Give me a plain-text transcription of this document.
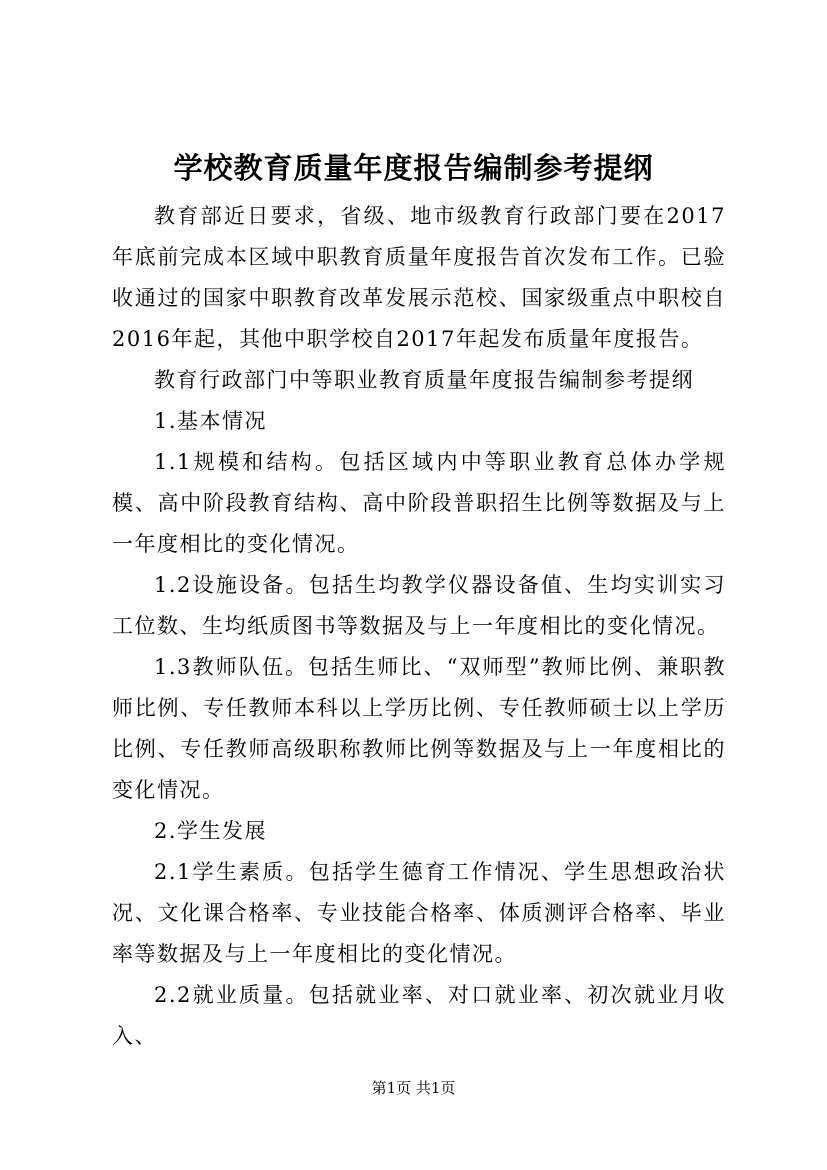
学校教育质量年度报告编制参考提纲

教育部近日要求，省级、地市级教育行政部门要在2017年底前完成本区域中职教育质量年度报告首次发布工作。已验收通过的国家中职教育改革发展示范校、国家级重点中职校自2016年起，其他中职学校自2017年起发布质量年度报告。

教育行政部门中等职业教育质量年度报告编制参考提纲

1.基本情况

1.1规模和结构。包括区域内中等职业教育总体办学规模、高中阶段教育结构、高中阶段普职招生比例等数据及与上一年度相比的变化情况。

1.2设施设备。包括生均教学仪器设备值、生均实训实习工位数、生均纸质图书等数据及与上一年度相比的变化情况。

1.3教师队伍。包括生师比、“双师型”教师比例、兼职教师比例、专任教师本科以上学历比例、专任教师硕士以上学历比例、专任教师高级职称教师比例等数据及与上一年度相比的变化情况。

2.学生发展

2.1学生素质。包括学生德育工作情况、学生思想政治状况、文化课合格率、专业技能合格率、体质测评合格率、毕业率等数据及与上一年度相比的变化情况。

2.2就业质量。包括就业率、对口就业率、初次就业月收入、

第1页 共1页
